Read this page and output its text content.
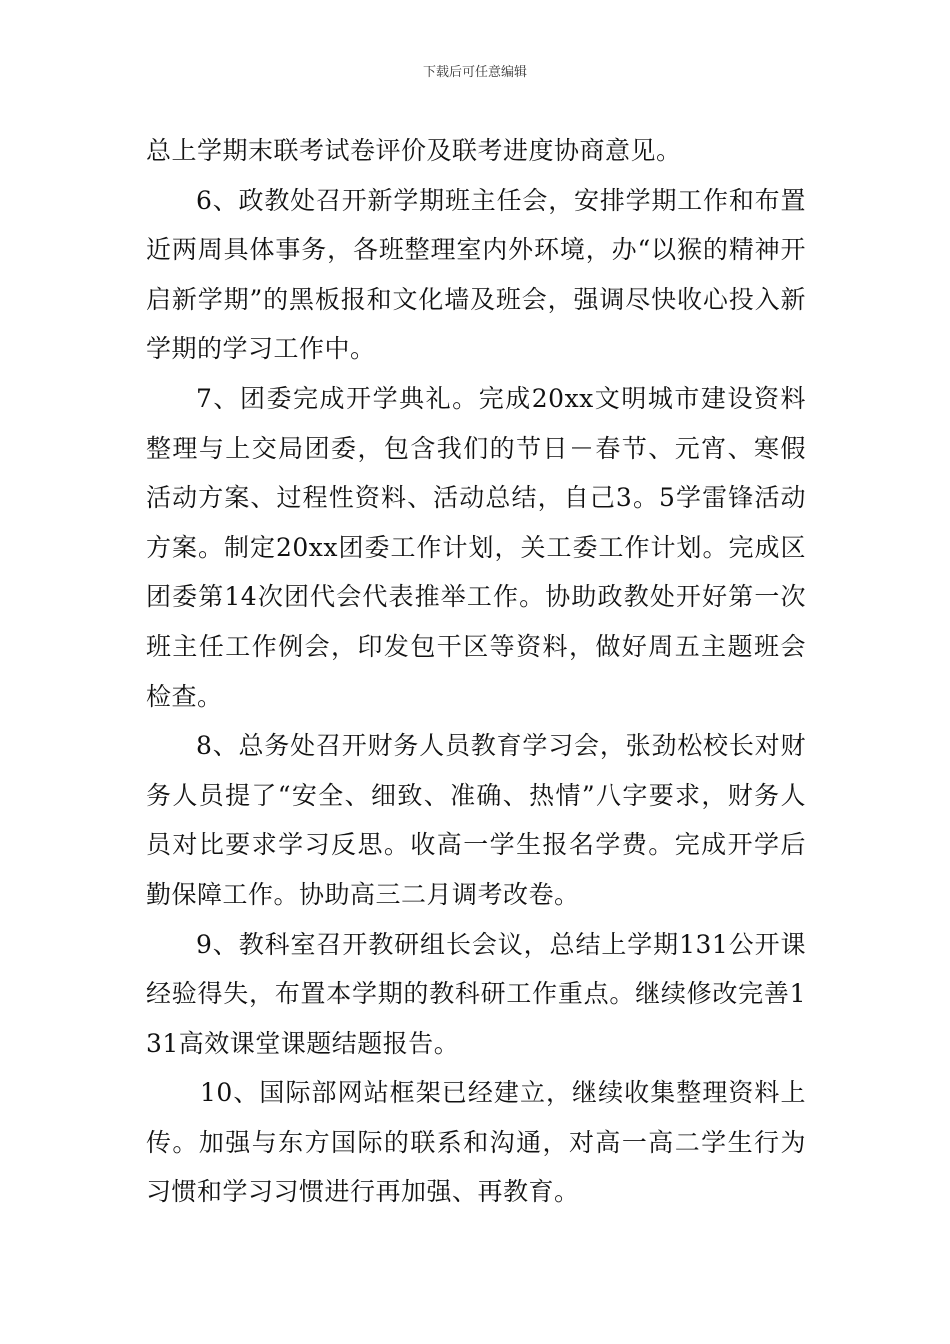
下载后可任意编辑

总上学期末联考试卷评价及联考进度协商意见。

6、政教处召开新学期班主任会，安排学期工作和布置近两周具体事务，各班整理室内外环境，办“以猴的精神开启新学期”的黑板报和文化墙及班会，强调尽快收心投入新学期的学习工作中。

7、团委完成开学典礼。完成20xx文明城市建设资料整理与上交局团委，包含我们的节日－春节、元宵、寒假活动方案、过程性资料、活动总结，自己3。5学雷锋活动方案。制定20xx团委工作计划，关工委工作计划。完成区团委第14次团代会代表推举工作。协助政教处开好第一次班主任工作例会，印发包干区等资料，做好周五主题班会检查。

8、总务处召开财务人员教育学习会，张劲松校长对财务人员提了“安全、细致、准确、热情”八字要求，财务人员对比要求学习反思。收高一学生报名学费。完成开学后勤保障工作。协助高三二月调考改卷。

9、教科室召开教研组长会议，总结上学期131公开课经验得失，布置本学期的教科研工作重点。继续修改完善131高效课堂课题结题报告。

10、国际部网站框架已经建立，继续收集整理资料上传。加强与东方国际的联系和沟通，对高一高二学生行为习惯和学习习惯进行再加强、再教育。
